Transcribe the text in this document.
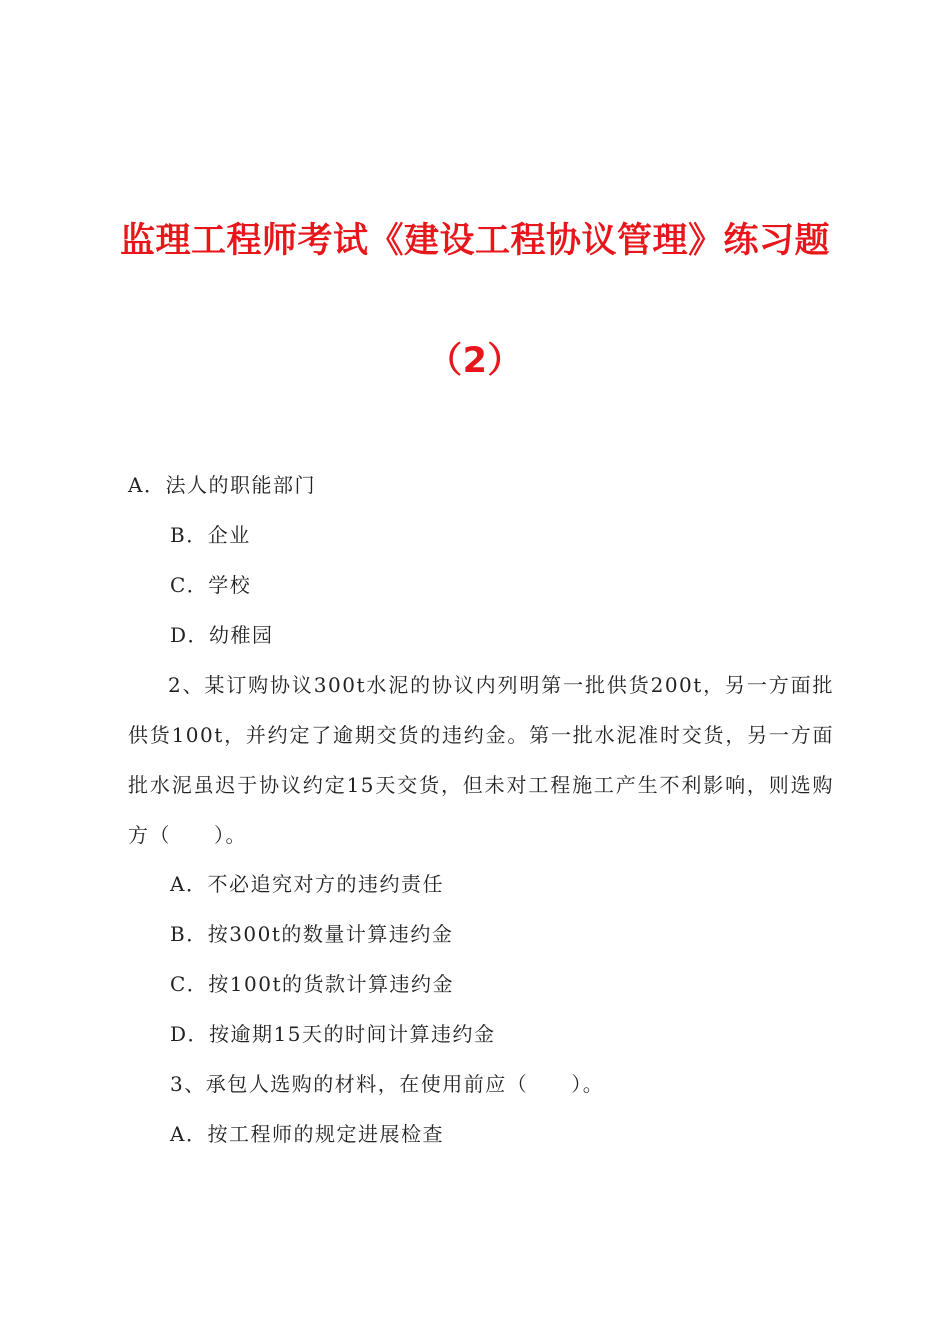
监理工程师考试《建设工程协议管理》练习题
（2）
A．法人的职能部门
B．企业
C．学校
D．幼稚园
2、某订购协议300t水泥的协议内列明第一批供货200t，另一方面批供货100t，并约定了逾期交货的违约金。第一批水泥准时交货，另一方面批水泥虽迟于协议约定15天交货，但未对工程施工产生不利影响，则选购方（　　）。
A．不必追究对方的违约责任
B．按300t的数量计算违约金
C．按100t的货款计算违约金
D．按逾期15天的时间计算违约金
3、承包人选购的材料，在使用前应（　　）。
A．按工程师的规定进展检查
